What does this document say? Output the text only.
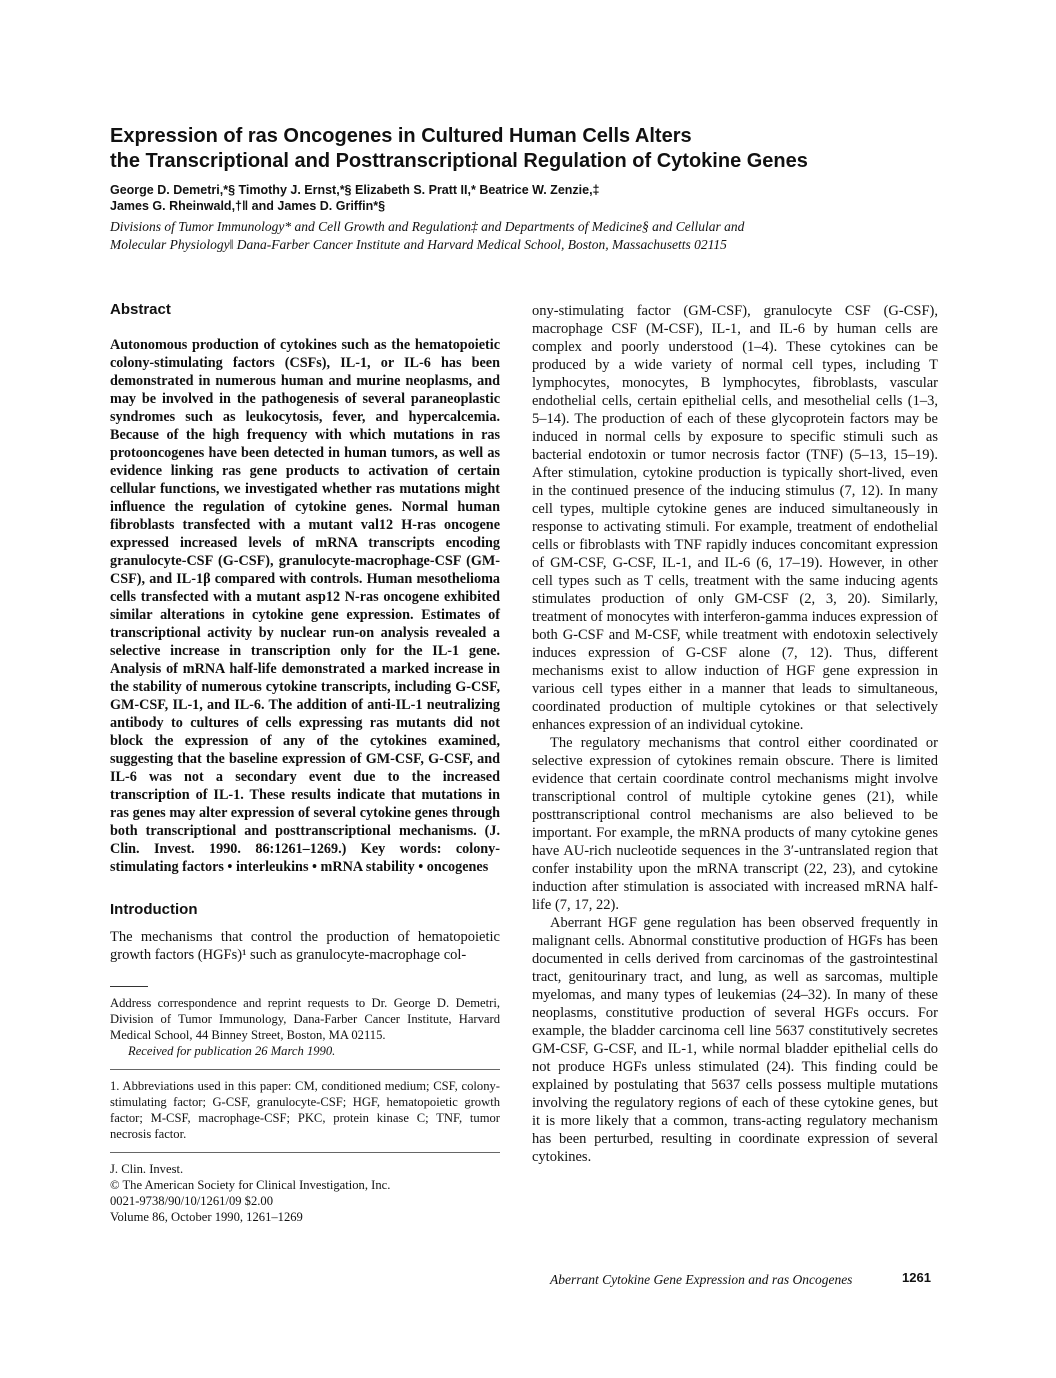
Expression of ras Oncogenes in Cultured Human Cells Alters
the Transcriptional and Posttranscriptional Regulation of Cytokine Genes
George D. Demetri,*§ Timothy J. Ernst,*§ Elizabeth S. Pratt II,* Beatrice W. Zenzie,‡
James G. Rheinwald,†‖ and James D. Griffin*§
Divisions of Tumor Immunology* and Cell Growth and Regulation‡ and Departments of Medicine§ and Cellular and
Molecular Physiology‖ Dana-Farber Cancer Institute and Harvard Medical School, Boston, Massachusetts 02115
Abstract

Autonomous production of cytokines such as the hematopoietic colony-stimulating factors (CSFs), IL-1, or IL-6 has been demonstrated in numerous human and murine neoplasms, and may be involved in the pathogenesis of several paraneoplastic syndromes such as leukocytosis, fever, and hypercalcemia. Because of the high frequency with which mutations in ras protooncogenes have been detected in human tumors, as well as evidence linking ras gene products to activation of certain cellular functions, we investigated whether ras mutations might influence the regulation of cytokine genes. Normal human fibroblasts transfected with a mutant val12 H-ras oncogene expressed increased levels of mRNA transcripts encoding granulocyte-CSF (G-CSF), granulocyte-macrophage-CSF (GM-CSF), and IL-1β compared with controls. Human mesothelioma cells transfected with a mutant asp12 N-ras oncogene exhibited similar alterations in cytokine gene expression. Estimates of transcriptional activity by nuclear run-on analysis revealed a selective increase in transcription only for the IL-1 gene. Analysis of mRNA half-life demonstrated a marked increase in the stability of numerous cytokine transcripts, including G-CSF, GM-CSF, IL-1, and IL-6. The addition of anti-IL-1 neutralizing antibody to cultures of cells expressing ras mutants did not block the expression of any of the cytokines examined, suggesting that the baseline expression of GM-CSF, G-CSF, and IL-6 was not a secondary event due to the increased transcription of IL-1. These results indicate that mutations in ras genes may alter expression of several cytokine genes through both transcriptional and posttranscriptional mechanisms. (J. Clin. Invest. 1990. 86:1261–1269.) Key words: colony-stimulating factors • interleukins • mRNA stability • oncogenes

Introduction

The mechanisms that control the production of hematopoietic growth factors (HGFs)¹ such as granulocyte-macrophage col-

Address correspondence and reprint requests to Dr. George D. Demetri, Division of Tumor Immunology, Dana-Farber Cancer Institute, Harvard Medical School, 44 Binney Street, Boston, MA 02115.

Received for publication 26 March 1990.

1. Abbreviations used in this paper: CM, conditioned medium; CSF, colony-stimulating factor; G-CSF, granulocyte-CSF; HGF, hematopoietic growth factor; M-CSF, macrophage-CSF; PKC, protein kinase C; TNF, tumor necrosis factor.

J. Clin. Invest.
© The American Society for Clinical Investigation, Inc.
0021-9738/90/10/1261/09 $2.00
Volume 86, October 1990, 1261–1269

ony-stimulating factor (GM-CSF), granulocyte CSF (G-CSF), macrophage CSF (M-CSF), IL-1, and IL-6 by human cells are complex and poorly understood (1–4). These cytokines can be produced by a wide variety of normal cell types, including T lymphocytes, monocytes, B lymphocytes, fibroblasts, vascular endothelial cells, certain epithelial cells, and mesothelial cells (1–3, 5–14). The production of each of these glycoprotein factors may be induced in normal cells by exposure to specific stimuli such as bacterial endotoxin or tumor necrosis factor (TNF) (5–13, 15–19). After stimulation, cytokine production is typically short-lived, even in the continued presence of the inducing stimulus (7, 12). In many cell types, multiple cytokine genes are induced simultaneously in response to activating stimuli. For example, treatment of endothelial cells or fibroblasts with TNF rapidly induces concomitant expression of GM-CSF, G-CSF, IL-1, and IL-6 (6, 17–19). However, in other cell types such as T cells, treatment with the same inducing agents stimulates production of only GM-CSF (2, 3, 20). Similarly, treatment of monocytes with interferon-gamma induces expression of both G-CSF and M-CSF, while treatment with endotoxin selectively induces expression of G-CSF alone (7, 12). Thus, different mechanisms exist to allow induction of HGF gene expression in various cell types either in a manner that leads to simultaneous, coordinated production of multiple cytokines or that selectively enhances expression of an individual cytokine.

The regulatory mechanisms that control either coordinated or selective expression of cytokines remain obscure. There is limited evidence that certain coordinate control mechanisms might involve transcriptional control of multiple cytokine genes (21), while posttranscriptional control mechanisms are also believed to be important. For example, the mRNA products of many cytokine genes have AU-rich nucleotide sequences in the 3′-untranslated region that confer instability upon the mRNA transcript (22, 23), and cytokine induction after stimulation is associated with increased mRNA half-life (7, 17, 22).

Aberrant HGF gene regulation has been observed frequently in malignant cells. Abnormal constitutive production of HGFs has been documented in cells derived from carcinomas of the gastrointestinal tract, genitourinary tract, and lung, as well as sarcomas, multiple myelomas, and many types of leukemias (24–32). In many of these neoplasms, constitutive production of several HGFs occurs. For example, the bladder carcinoma cell line 5637 constitutively secretes GM-CSF, G-CSF, and IL-1, while normal bladder epithelial cells do not produce HGFs unless stimulated (24). This finding could be explained by postulating that 5637 cells possess multiple mutations involving the regulatory regions of each of these cytokine genes, but it is more likely that a common, trans-acting regulatory mechanism has been perturbed, resulting in coordinate expression of several cytokines.

Aberrant Cytokine Gene Expression and ras Oncogenes	1261
